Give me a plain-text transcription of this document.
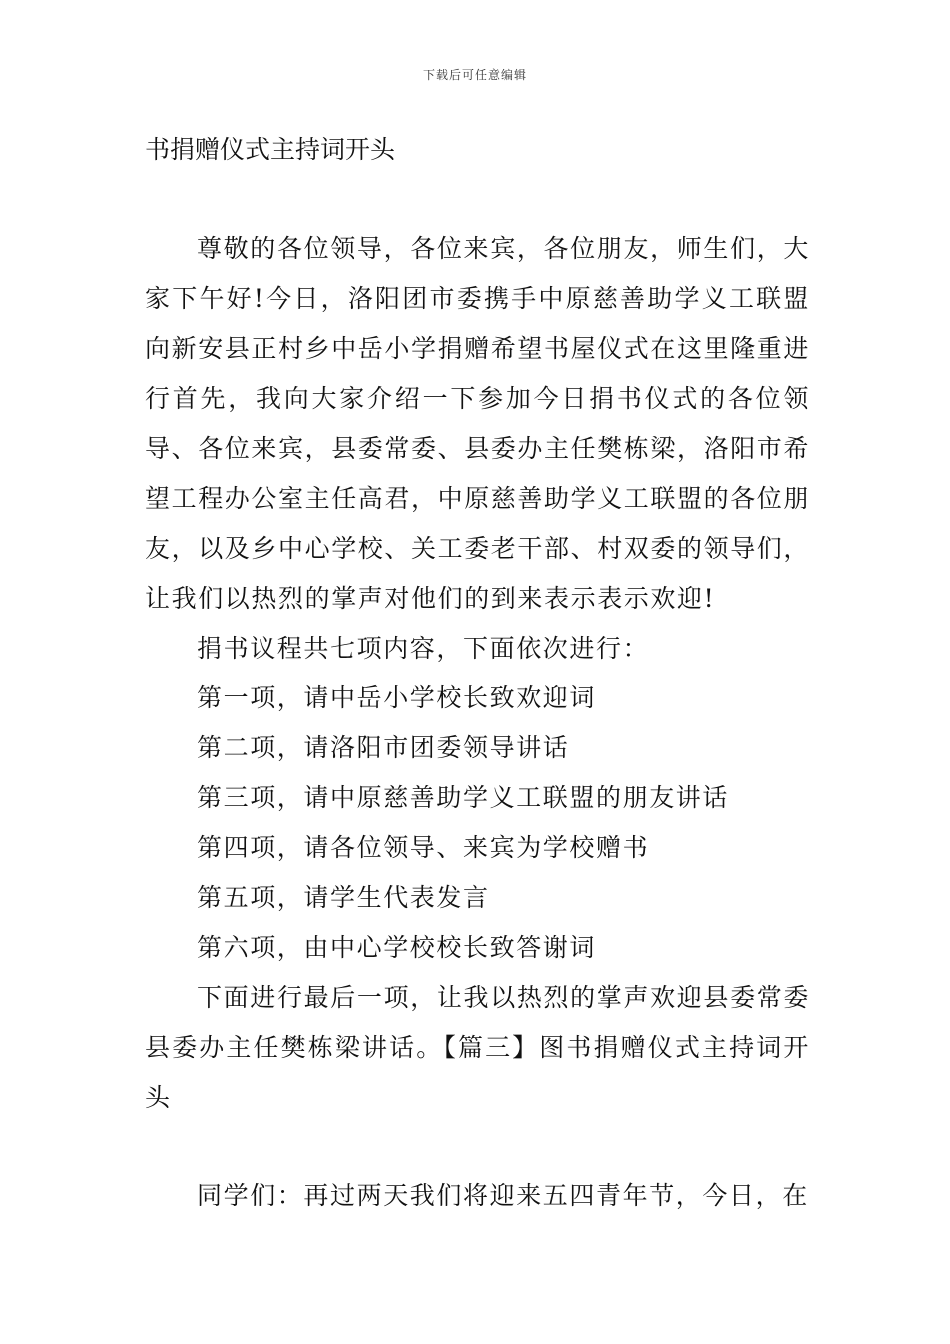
下载后可任意编辑
书捐赠仪式主持词开头

尊敬的各位领导，各位来宾，各位朋友，师生们，大家下午好!今日，洛阳团市委携手中原慈善助学义工联盟向新安县正村乡中岳小学捐赠希望书屋仪式在这里隆重进行首先，我向大家介绍一下参加今日捐书仪式的各位领导、各位来宾，县委常委、县委办主任樊栋梁，洛阳市希望工程办公室主任高君，中原慈善助学义工联盟的各位朋友，以及乡中心学校、关工委老干部、村双委的领导们，让我们以热烈的掌声对他们的到来表示表示欢迎!

捐书议程共七项内容，下面依次进行：

第一项，请中岳小学校长致欢迎词

第二项，请洛阳市团委领导讲话

第三项，请中原慈善助学义工联盟的朋友讲话

第四项，请各位领导、来宾为学校赠书

第五项，请学生代表发言

第六项，由中心学校校长致答谢词

下面进行最后一项，让我以热烈的掌声欢迎县委常委县委办主任樊栋梁讲话。【篇三】图书捐赠仪式主持词开头

同学们：再过两天我们将迎来五四青年节，今日，在
